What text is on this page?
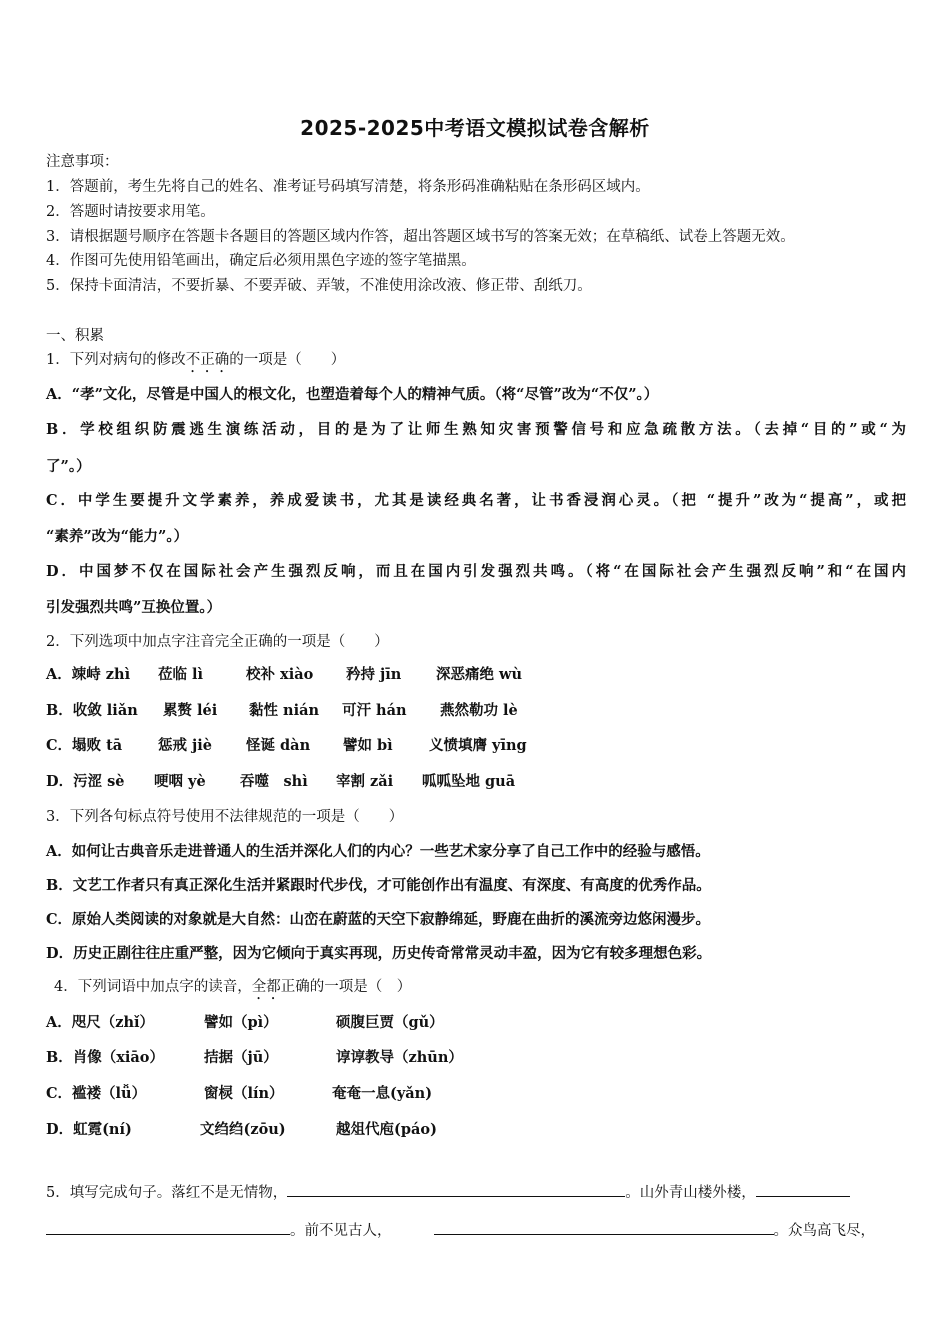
2025-2025中考语文模拟试卷含解析
注意事项：
1．答题前，考生先将自己的姓名、准考证号码填写清楚，将条形码准确粘贴在条形码区域内。
2．答题时请按要求用笔。
3．请根据题号顺序在答题卡各题目的答题区域内作答，超出答题区域书写的答案无效；在草稿纸、试卷上答题无效。
4．作图可先使用铅笔画出，确定后必须用黑色字迹的签字笔描黑。
5．保持卡面清洁，不要折暴、不要弄破、弄皱，不准使用涂改液、修正带、刮纸刀。
一、积累
1．下列对病句的修改不正确的一项是（　　）
A．“孝”文化，尽管是中国人的根文化，也塑造着每个人的精神气质。（将“尽管”改为“不仅”。）
B．学校组织防震逃生演练活动，目的是为了让师生熟知灾害预警信号和应急疏散方法。（去掉“目的”或“为
了”。）
C．中学生要提升文学素养，养成爱读书，尤其是读经典名著，让书香浸润心灵。（把 “提升”改为“提高”，或把
“素养”改为“能力”。）
D．中国梦不仅在国际社会产生强烈反响，而且在国内引发强烈共鸣。（将“在国际社会产生强烈反响”和“在国内
引发强烈共鸣”互换位置。）
2．下列选项中加点字注音完全正确的一项是（　　）
A．竦峙 zhì 莅临 lì	校补 xiào 矜持 jīn 深恶痛绝 wù
B．收敛 liǎn 累赘 léi 黏性 nián 可汗 hán 燕然勒功 lè
C．塌败 tā 惩戒 jiè 怪诞 dàn 譬如 bì	义愤填膺 yīng
D．污涩 sè 哽咽 yè 吞噬　shì 宰割 zǎi 呱呱坠地 guā
3．下列各句标点符号使用不法律规范的一项是（　　）
A．如何让古典音乐走进普通人的生活并深化人们的内心？一些艺术家分享了自己工作中的经验与感悟。
B．文艺工作者只有真正深化生活并紧跟时代步伐，才可能创作出有温度、有深度、有高度的优秀作品。
C．原始人类阅读的对象就是大自然：山峦在蔚蓝的天空下寂静绵延，野鹿在曲折的溪流旁边悠闲漫步。
D．历史正剧往往庄重严整，因为它倾向于真实再现，历史传奇常常灵动丰盈，因为它有较多理想色彩。
4．下列词语中加点字的读音，全都正确的一项是（　）
A．咫尺（zhǐ）	譬如（pì）	硕腹巨贾（gǔ）
B．肖像（xiāo）	拮据（jū）	谆谆教导（zhūn）
C．褴褛（lǚ）	窗棂（lín）	奄奄一息(yǎn)
D．虹霓(ní)	文绉绉(zōu)	越俎代庖(páo)
5．填写完成句子。落红不是无情物，	。山外青山楼外楼，
。前不见古人，	。众鸟高飞尽，
